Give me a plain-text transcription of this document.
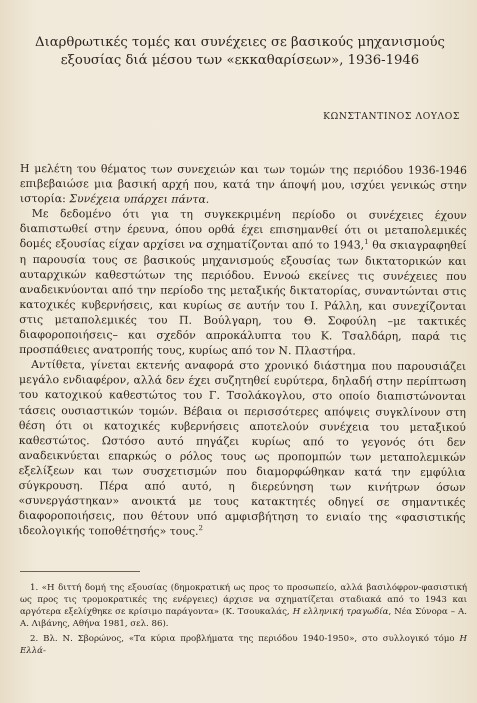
Διαρθρωτικές τομές και συνέχειες σε βασικούς μηχανισμούς
εξουσίας διά μέσου των «εκκαθαρίσεων», 1936-1946
ΚΩΝΣΤΑΝΤΙΝΟΣ ΛΟΥΛΟΣ

Η μελέτη του θέματος των συνεχειών και των τομών της περιόδου 1936-1946 επιβεβαιώσε μια βασική αρχή που, κατά την άποψή μου, ισχύει γενικώς στην ιστορία: Συνέχεια υπάρχει πάντα.

Με δεδομένο ότι για τη συγκεκριμένη περίοδο οι συνέχειες έχουν διαπιστωθεί στην έρευνα, όπου ορθά έχει επισημανθεί ότι οι μεταπολεμικές δομές εξουσίας είχαν αρχίσει να σχηματίζονται από το 1943,$^1$ θα σκιαγραφηθεί η παρουσία τους σε βασικούς μηχανισμούς εξουσίας των δικτατορικών και αυταρχικών καθεστώτων της περιόδου. Εννοώ εκείνες τις συνέχειες που αναδεικνύονται από την περίοδο της μεταξικής δικτατορίας, συναντώνται στις κατοχικές κυβερνήσεις, και κυρίως σε αυτήν του Ι. Ράλλη, και συνεχίζονται στις μεταπολεμικές του Π. Βούλγαρη, του Θ. Σοφούλη –με τακτικές διαφοροποιήσεις– και σχεδόν απροκάλυπτα του Κ. Τσαλδάρη, παρά τις προσπάθειες ανατροπής τους, κυρίως από τον Ν. Πλαστήρα.

Αντίθετα, γίνεται εκτενής αναφορά στο χρονικό διάστημα που παρουσιάζει μεγάλο ενδιαφέρον, αλλά δεν έχει συζητηθεί ευρύτερα, δηλαδή στην περίπτωση του κατοχικού καθεστώτος του Γ. Τσολάκογλου, στο οποίο διαπιστώνονται τάσεις ουσιαστικών τομών. Βέβαια οι περισσότερες απόψεις συγκλίνουν στη θέση ότι οι κατοχικές κυβερνήσεις αποτελούν συνέχεια του μεταξικού καθεστώτος. Ωστόσο αυτό πηγάζει κυρίως από το γεγονός ότι δεν αναδεικνύεται επαρκώς ο ρόλος τους ως προπομπών των μεταπολεμικών εξελίξεων και των συσχετισμών που διαμορφώθηκαν κατά την εμφύλια σύγκρουση. Πέρα από αυτό, η διερεύνηση των κινήτρων όσων «συνεργάστηκαν» ανοικτά με τους κατακτητές οδηγεί σε σημαντικές διαφοροποιήσεις, που θέτουν υπό αμφισβήτηση το ενιαίο της «φασιστικής ιδεολογικής τοποθέτησής» τους.$^2$

1. «Η διττή δομή της εξουσίας (δημοκρατική ως προς το προσωπείο, αλλά βασιλόφρον-φασιστική ως προς τις τρομοκρατικές της ενέργειες) άρχισε να σχηματίζεται σταδιακά από το 1943 και αργότερα εξελίχθηκε σε κρίσιμο παράγοντα» (Κ. Τσουκαλάς, Η ελληνική τραγωδία, Νέα Σύνορα – Α. Α. Λιβάνης, Αθήνα 1981, σελ. 86).

2. Βλ. Ν. Σβορώνος, «Τα κύρια προβλήματα της περιόδου 1940-1950», στο συλλογικό τόμο Η Ελλά-
